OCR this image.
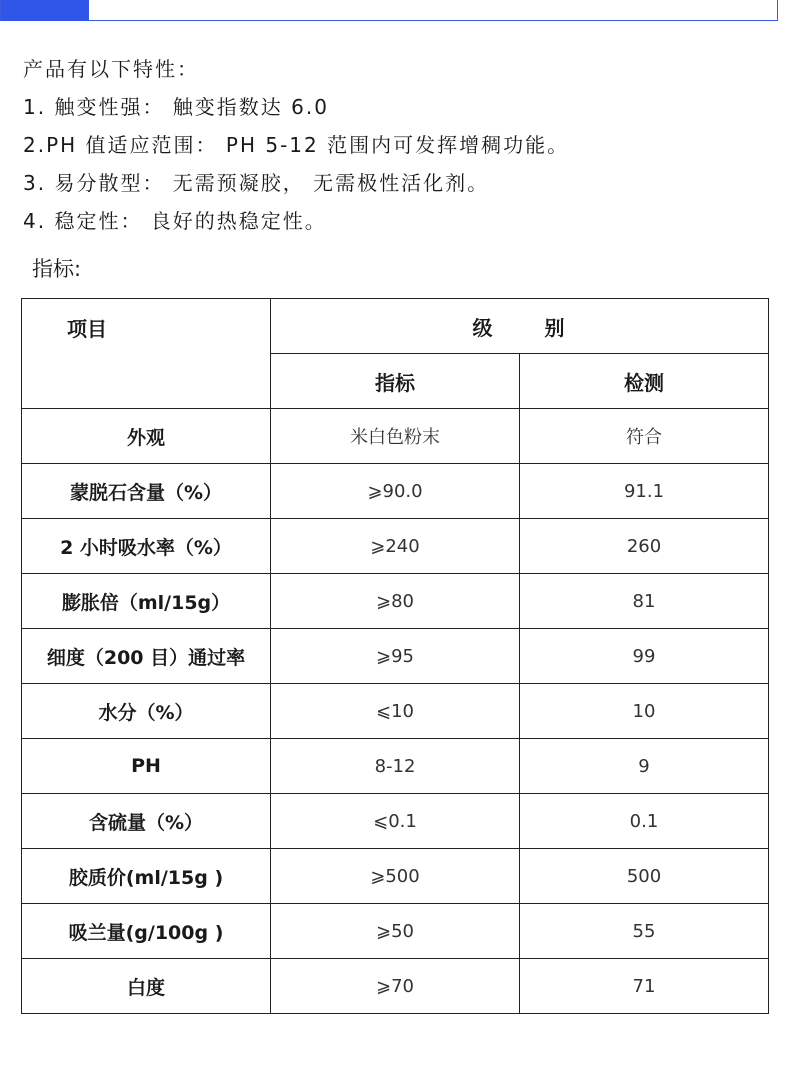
产品有以下特性：
1. 触变性强： 触变指数达 6.0
2.PH 值适应范围： PH 5-12 范围内可发挥增稠功能。
3. 易分散型： 无需预凝胶， 无需极性活化剂。
4. 稳定性： 良好的热稳定性。
指标:
项目	级 别	
	指标	检测
外观	米白色粉末	符合
蒙脱石含量（%）	⩾90.0	91.1
2 小时吸水率（%）	⩾240	260
膨胀倍（ml/15g）	⩾80	81
细度（200 目）通过率	⩾95	99
水分（%）	⩽10	10
PH	8-12	9
含硫量（%）	⩽0.1	0.1
胶质价(ml/15g )	⩾500	500
吸兰量(g/100g )	⩾50	55
白度	⩾70	71
